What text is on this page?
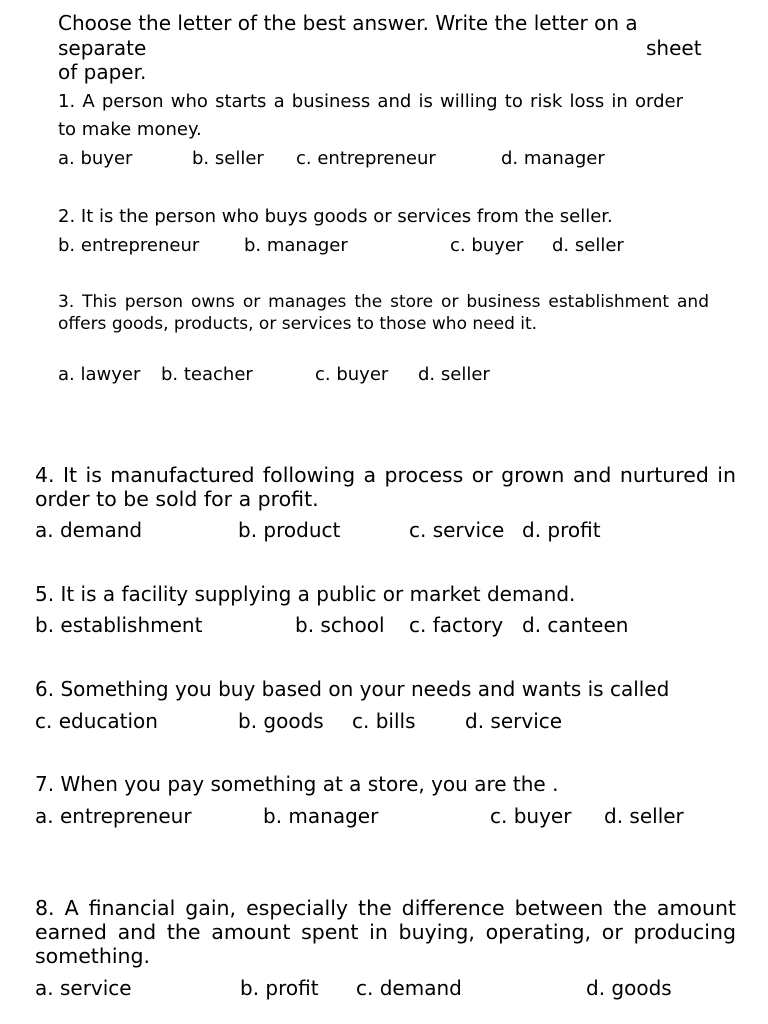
Choose the letter of the best answer. Write the letter on a
separate	sheet
of paper.
1. A person who starts a business and is willing to risk loss in order to make money.
a. buyer	b. seller c. entrepreneur	d. manager
2. It is the person who buys goods or services from the seller.
b. entrepreneur b. manager	c. buyer d. seller
3. This person owns or manages the store or business establishment and offers goods, products, or services to those who need it.
a. lawyer b. teacher	c. buyer d. seller
4. It is manufactured following a process or grown and nurtured in order to be sold for a profit.
a. demand	b. product	c. service d. profit
5. It is a facility supplying a public or market demand.
b. establishment	b. school c. factory d. canteen
6. Something you buy based on your needs and wants is called
c. education	b. goods c. bills d. service
7. When you pay something at a store, you are the .
a. entrepreneur	b. manager	c. buyer d. seller
8. A financial gain, especially the difference between the amount earned and the amount spent in buying, operating, or producing something.
a. service	b. profit c. demand	d. goods
